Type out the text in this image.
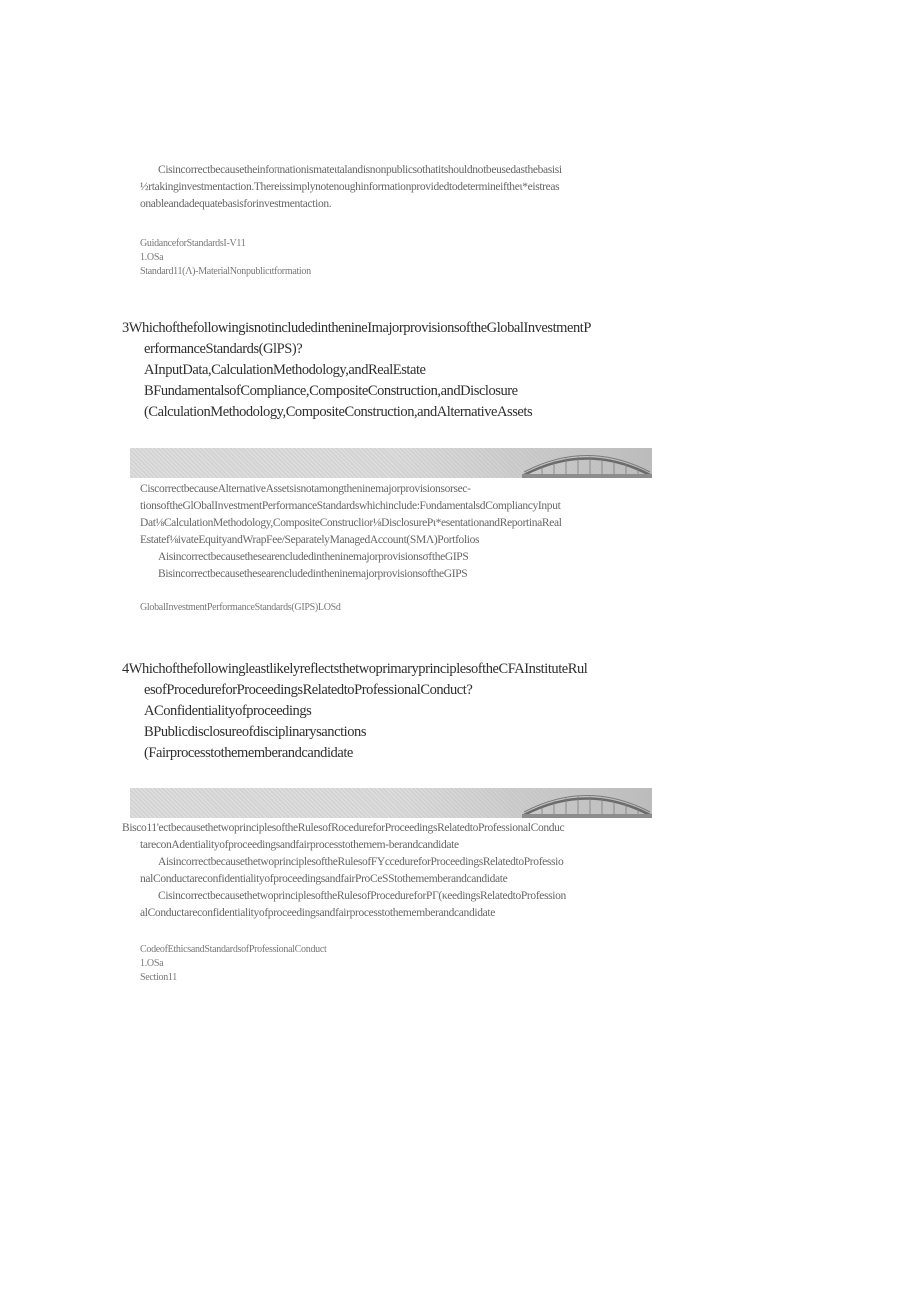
Cisincorrectbecausetheinfoπnationismateιtalandisnonpublicsothatitshouldnotbeusedasthebasisi

½rtakinginvestmentaction.Thereissimplynotenoughinformationprovidedtodetermineiftheι*eistreas

onableandadequatebasisforinvestmentaction.

GuidanceforStandardsI-V11

1.OSa

Standard11(Λ)-MaterialNonpublicιtformation

3WhichofthefollowingisnotincludedinthenineImajorprovisionsoftheGlobalInvestmentP

erformanceStandards(GlPS)?

AInputData,CalculationMethodology,andRealEstate

BFundamentalsofCompliance,CompositeConstruction,andDisclosure

(CalculationMethodology,CompositeConstruction,andAlternativeAssets

CiscorrectbecauseAlternativeAssetsisnotamongtheninemajorprovisionsorsec-

tionsoftheGlObalInvestmentPerformanceStandardswhichinclude:FυndamentalsdCompliancyInput

Dat⅛CalculationMethodology,CompositeConstruclior⅛DisclosurePι*esentationandReportinaReal

Estatef⅛ivateEquityandWrapFee/SeparatelyManagedAccount(SMΛ)Portfolios

AisincorrectbecausethesearencludedintheninemajorprovisionsσftheGIPS

BisincorrectbecausethesearencludedintheninemajorprovisionsoftheGIPS

GlobalInvestmentPerformanceStandards(GIPS)LOSd

4WhichofthefollowingleastlikelyreflectsthetwoprimaryprinciplesoftheCFAInstituteRul

esofProcedureforProceedingsRelatedtoProfessionalConduct?

AConfidentialityofproceedings

BPublicdisclosureofdisciplinarysanctions

(Fairprocesstothememberandcandidate

Bisco11'ectbecausethetwoprinciplesoftheRulesofRocedureforProceedingsRelatedtoProfessionalConduc

tareconAdentialityofproceedingsandfairprocesstothemem-berandcandidate

AisincorrectbecausethetwoprinciplesoftheRulesofFYccedureforProceedingsRelatedtoProfessio

nalConductareconfidentialityofproceedingsandfairProCeSStothememberandcandidate

CisincorrectbecausethetwoprinciplesoftheRulesofProcedureforPΓ(κeedingsRelatedtoProfession

alConductareconfidentialityofproceedingsandfairprocesstothememberandcandidate

CodeofEthicsandStandardsofProfessionalConduct

1.OSa

Section11
